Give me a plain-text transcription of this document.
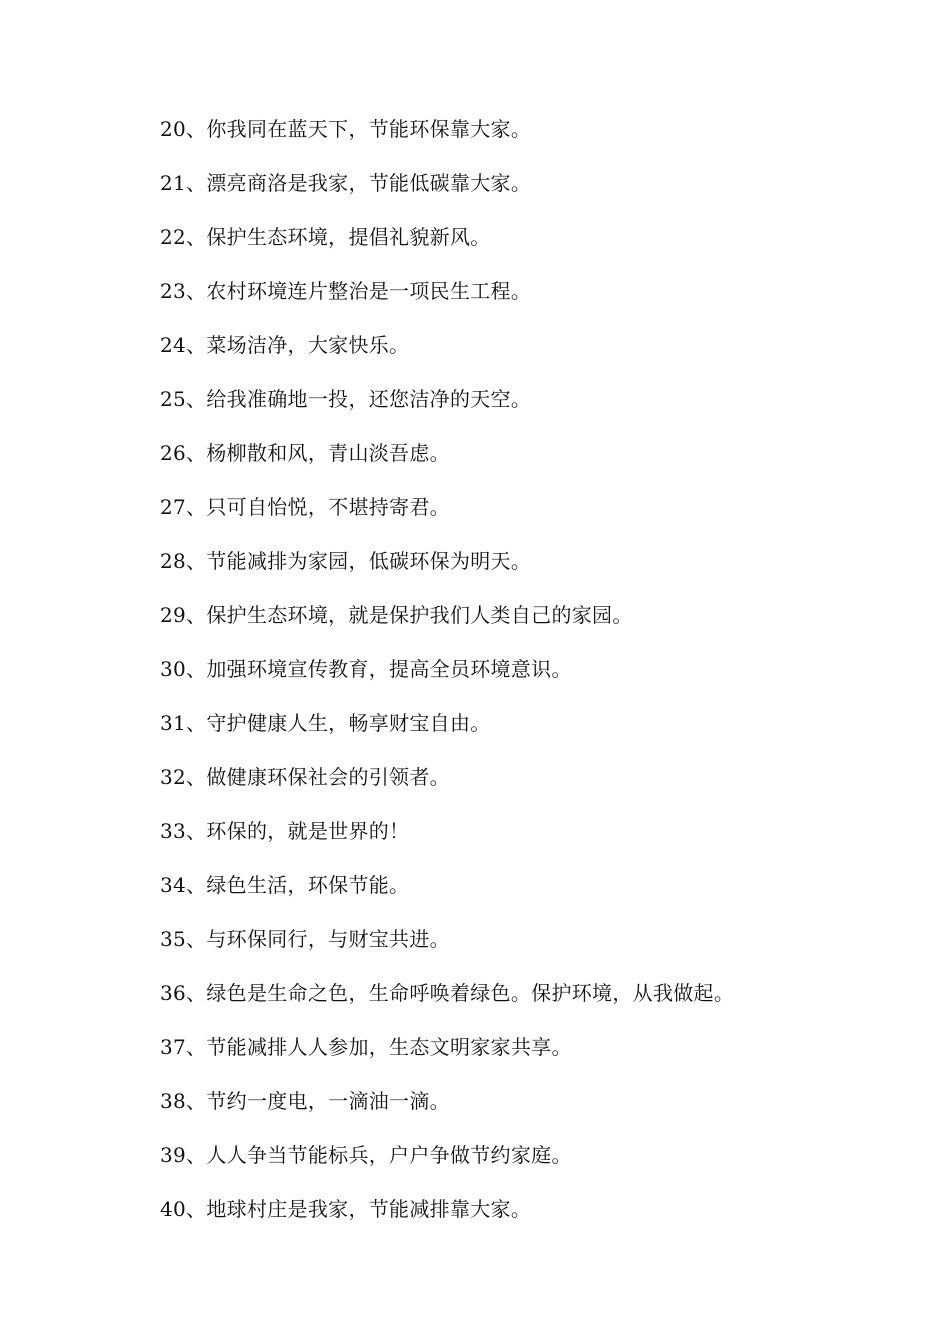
20、你我同在蓝天下，节能环保靠大家。
21、漂亮商洛是我家，节能低碳靠大家。
22、保护生态环境，提倡礼貌新风。
23、农村环境连片整治是一项民生工程。
24、菜场洁净，大家快乐。
25、给我准确地一投，还您洁净的天空。
26、杨柳散和风，青山淡吾虑。
27、只可自怡悦，不堪持寄君。
28、节能减排为家园，低碳环保为明天。
29、保护生态环境，就是保护我们人类自己的家园。
30、加强环境宣传教育，提高全员环境意识。
31、守护健康人生，畅享财宝自由。
32、做健康环保社会的引领者。
33、环保的，就是世界的！
34、绿色生活，环保节能。
35、与环保同行，与财宝共进。
36、绿色是生命之色，生命呼唤着绿色。保护环境，从我做起。
37、节能减排人人参加，生态文明家家共享。
38、节约一度电，一滴油一滴。
39、人人争当节能标兵，户户争做节约家庭。
40、地球村庄是我家，节能减排靠大家。
